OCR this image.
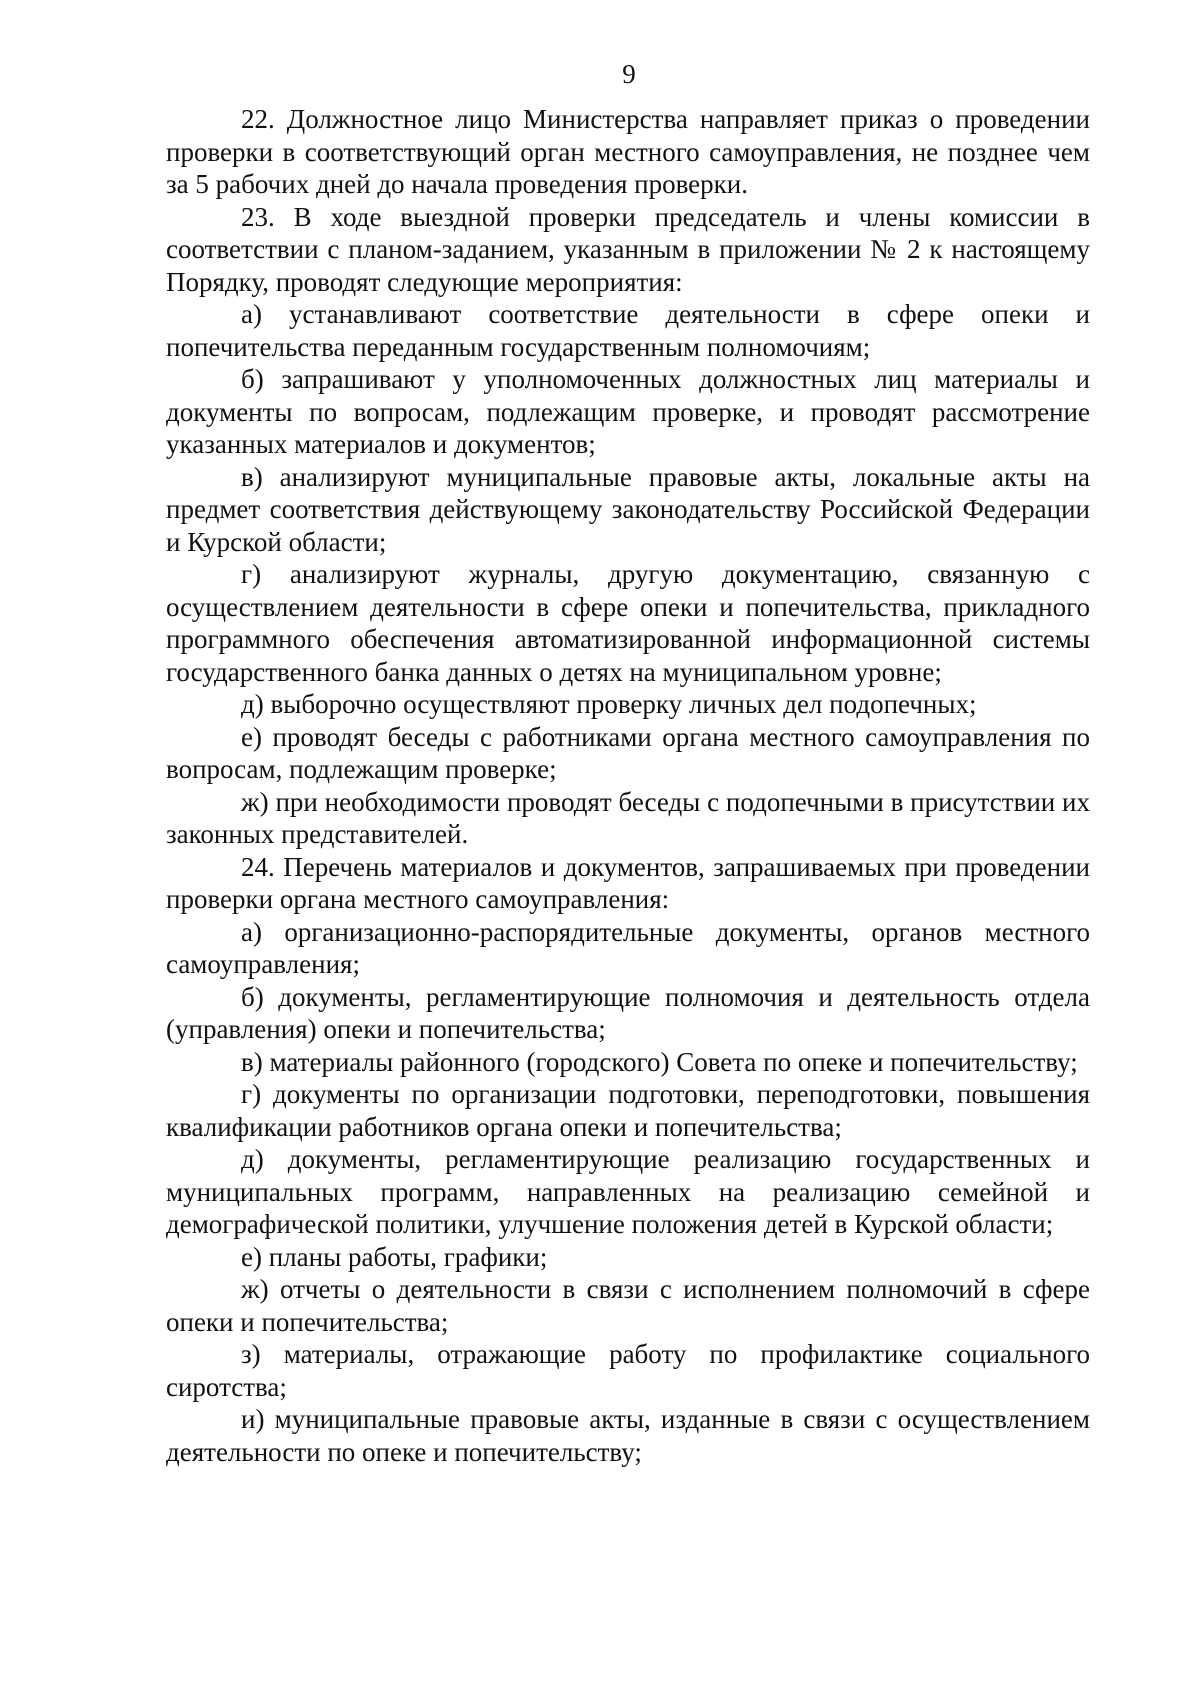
9

22. Должностное лицо Министерства направляет приказ о проведении проверки в соответствующий орган местного самоуправления, не позднее чем за 5 рабочих дней до начала проведения проверки.

23. В ходе выездной проверки председатель и члены комиссии в соответствии с планом-заданием, указанным в приложении № 2 к настоящему Порядку, проводят следующие мероприятия:

а) устанавливают соответствие деятельности в сфере опеки и попечительства переданным государственным полномочиям;

б) запрашивают у уполномоченных должностных лиц материалы и документы по вопросам, подлежащим проверке, и проводят рассмотрение указанных материалов и документов;

в) анализируют муниципальные правовые акты, локальные акты на предмет соответствия действующему законодательству Российской Федерации и Курской области;

г) анализируют журналы, другую документацию, связанную с осуществлением деятельности в сфере опеки и попечительства, прикладного программного обеспечения автоматизированной информационной системы государственного банка данных о детях на муниципальном уровне;

д) выборочно осуществляют проверку личных дел подопечных;

е) проводят беседы с работниками органа местного самоуправления по вопросам, подлежащим проверке;

ж) при необходимости проводят беседы с подопечными в присутствии их законных представителей.

24. Перечень материалов и документов, запрашиваемых при проведении проверки органа местного самоуправления:

а) организационно-распорядительные документы, органов местного самоуправления;

б) документы, регламентирующие полномочия и деятельность отдела (управления) опеки и попечительства;

в) материалы районного (городского) Совета по опеке и попечительству;

г) документы по организации подготовки, переподготовки, повышения квалификации работников органа опеки и попечительства;

д) документы, регламентирующие реализацию государственных и муниципальных программ, направленных на реализацию семейной и демографической политики, улучшение положения детей в Курской области;

е) планы работы, графики;

ж) отчеты о деятельности в связи с исполнением полномочий в сфере опеки и попечительства;

з) материалы, отражающие работу по профилактике социального сиротства;

и) муниципальные правовые акты, изданные в связи с осуществлением деятельности по опеке и попечительству;
